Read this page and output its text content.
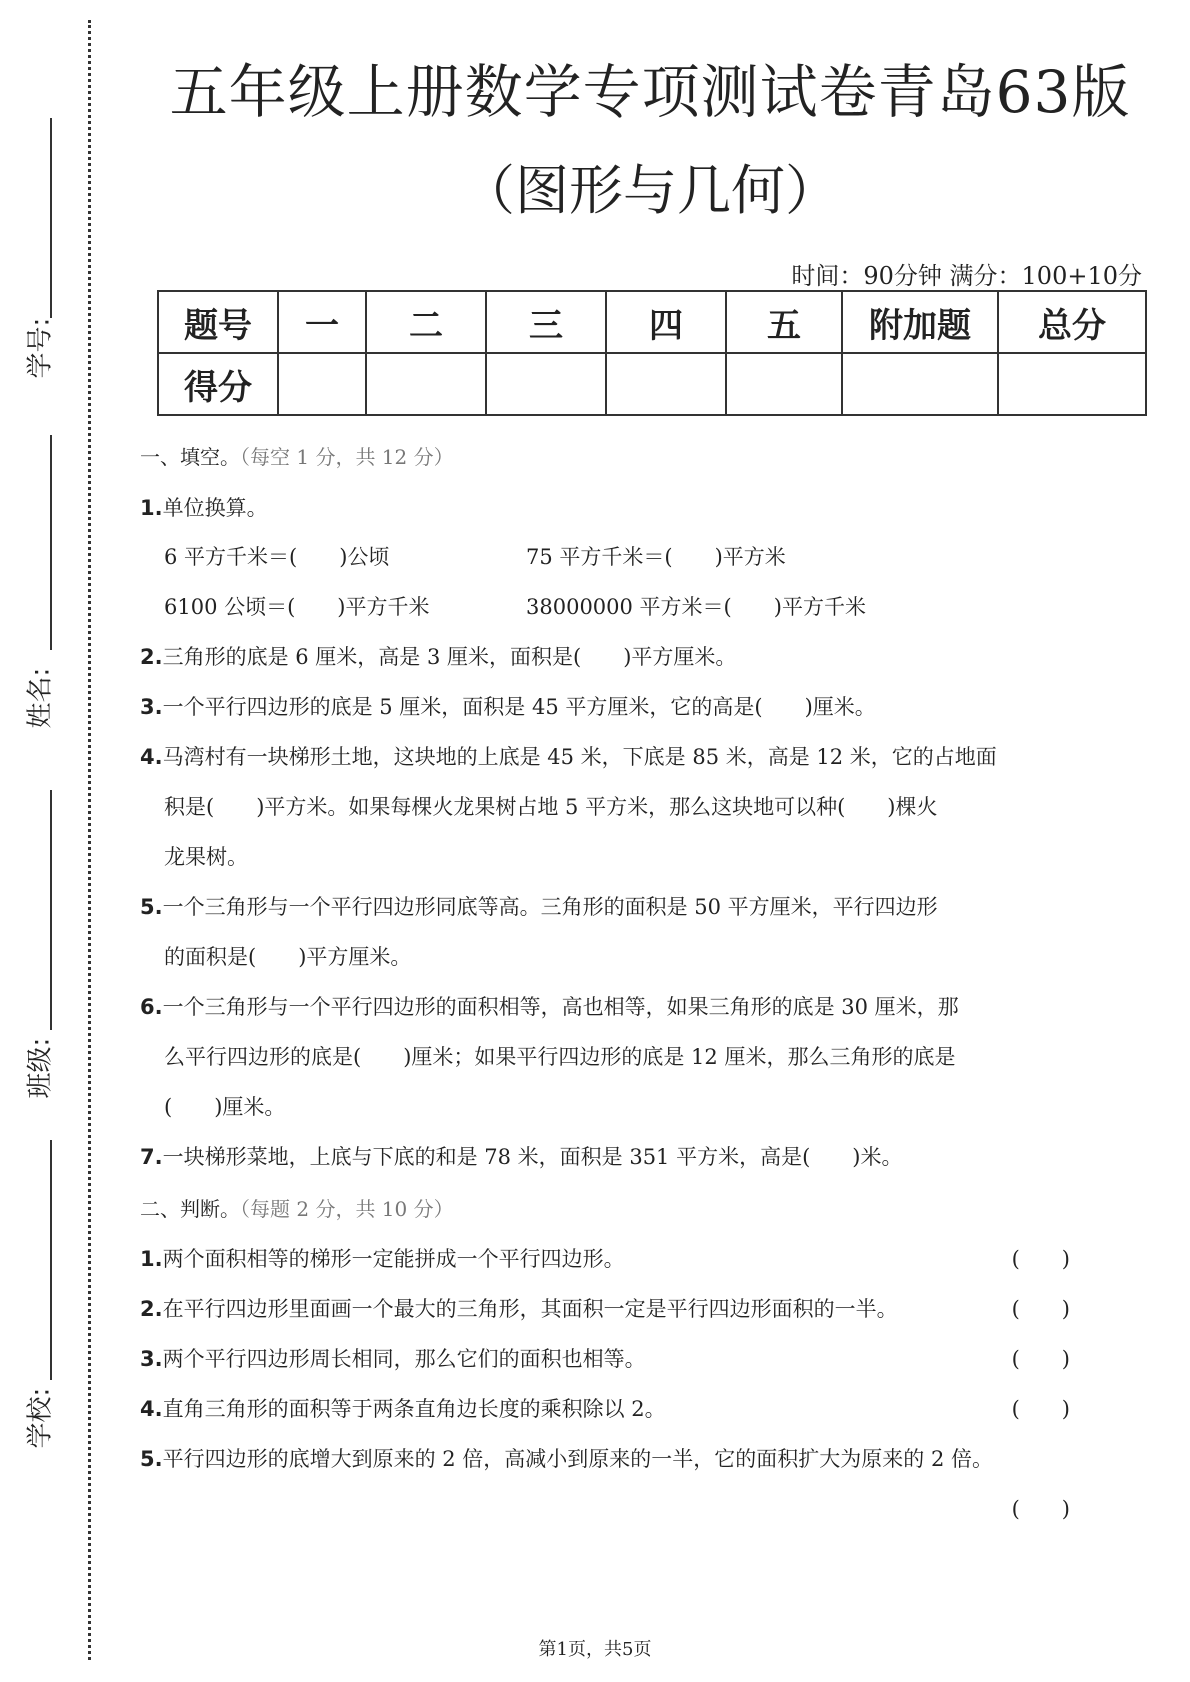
学号:
姓名:
班级:
学校:
五年级上册数学专项测试卷青岛63版
（图形与几何）
时间：90分钟 满分：100+10分
题号	一	二	三	四	五	附加题	总分
得分							
一、填空。（每空 1 分，共 12 分）
1.单位换算。
6 平方千米＝(　　)公顷	75 平方千米＝(　　)平方米
6100 公顷＝(　　)平方千米	38000000 平方米＝(　　)平方千米
2.三角形的底是 6 厘米，高是 3 厘米，面积是(　　)平方厘米。
3.一个平行四边形的底是 5 厘米，面积是 45 平方厘米，它的高是(　　)厘米。
4.马湾村有一块梯形土地，这块地的上底是 45 米，下底是 85 米，高是 12 米，它的占地面
积是(　　)平方米。如果每棵火龙果树占地 5 平方米，那么这块地可以种(　　)棵火
龙果树。
5.一个三角形与一个平行四边形同底等高。三角形的面积是 50 平方厘米，平行四边形
的面积是(　　)平方厘米。
6.一个三角形与一个平行四边形的面积相等，高也相等，如果三角形的底是 30 厘米，那
么平行四边形的底是(　　)厘米；如果平行四边形的底是 12 厘米，那么三角形的底是
(　　)厘米。
7.一块梯形菜地，上底与下底的和是 78 米，面积是 351 平方米，高是(　　)米。
二、判断。（每题 2 分，共 10 分）
1.两个面积相等的梯形一定能拼成一个平行四边形。	(　　)
2.在平行四边形里面画一个最大的三角形，其面积一定是平行四边形面积的一半。	(　　)
3.两个平行四边形周长相同，那么它们的面积也相等。	(　　)
4.直角三角形的面积等于两条直角边长度的乘积除以 2。	(　　)
5.平行四边形的底增大到原来的 2 倍，高减小到原来的一半，它的面积扩大为原来的 2 倍。
(　　)
第1页，共5页
